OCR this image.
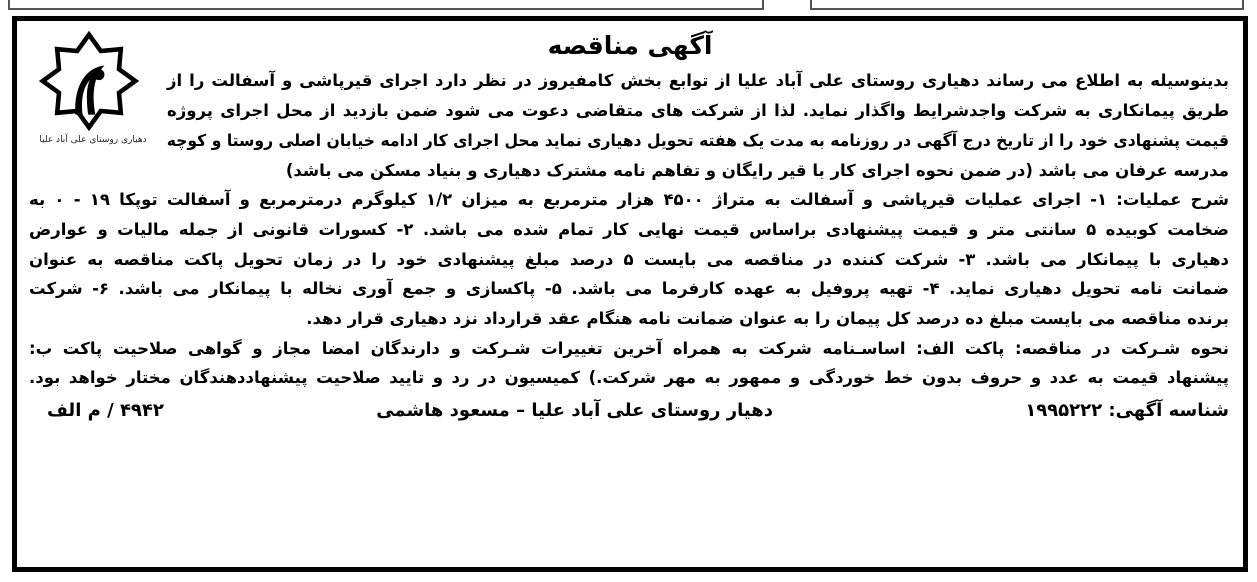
آگهی مناقصه
دهیاری روستای علی آباد علیا
بدینوسیله به اطلاع می رساند دهیاری روستای علی آباد علیا از توابع بخش کامفیروز در نظر دارد اجرای قیرپاشی و آسفالت را از
طریق پیمانکاری به شرکت واجدشرایط واگذار نماید. لذا از شرکت های متقاضی دعوت می شود ضمن بازدید از محل اجرای پروژه
قیمت پشنهادی خود را از تاریخ درج آگهی در روزنامه به مدت یک هفته تحویل دهیاری نماید محل اجرای کار ادامه خیابان اصلی روستا و کوچه
مدرسه عرفان می باشد (در ضمن نحوه اجرای کار با قیر رایگان و تفاهم نامه مشترک دهیاری و بنیاد مسکن می باشد)
شرح عملیات: ۱- اجرای عملیات قیرپاشی و آسفالت به متراژ ۴۵۰۰ هزار مترمربع به میزان ۱/۲ کیلوگرم درمترمربع و آسفالت توپکا ۱۹ - ۰ به
ضخامت کوبیده ۵ سانتی متر و قیمت پیشنهادی براساس قیمت نهایی کار تمام شده می باشد. ۲- کسورات قانونی از جمله مالیات و عوارض
دهیاری با پیمانکار می باشد. ۳- شرکت کننده در مناقصه می بایست ۵ درصد مبلغ پیشنهادی خود را در زمان تحویل پاکت مناقصه به عنوان
ضمانت نامه تحویل دهیاری نماید. ۴- تهیه پروفیل به عهده کارفرما می باشد. ۵- پاکسازی و جمع آوری نخاله با پیمانکار می باشد. ۶- شرکت
برنده مناقصه می بایست مبلغ ده درصد کل پیمان را به عنوان ضمانت نامه هنگام عقد قرارداد نزد دهیاری قرار دهد.
نحوه شـرکت در مناقصه: پاکت الف: اساسـنامه شرکت به همراه آخرین تغییرات شـرکت و دارندگان امضا مجاز و گواهی صلاحیت پاکت ب:
پیشنهاد قیمت به عدد و حروف بدون خط خوردگی و ممهور به مهر شرکت.) کمیسیون در رد و تایید صلاحیت پیشنهاددهندگان مختار خواهد بود.
شناسه آگهی: ۱۹۹۵۲۲۲
دهیار روستای علی آباد علیا – مسعود هاشمی
۴۹۴۲ / م الف
